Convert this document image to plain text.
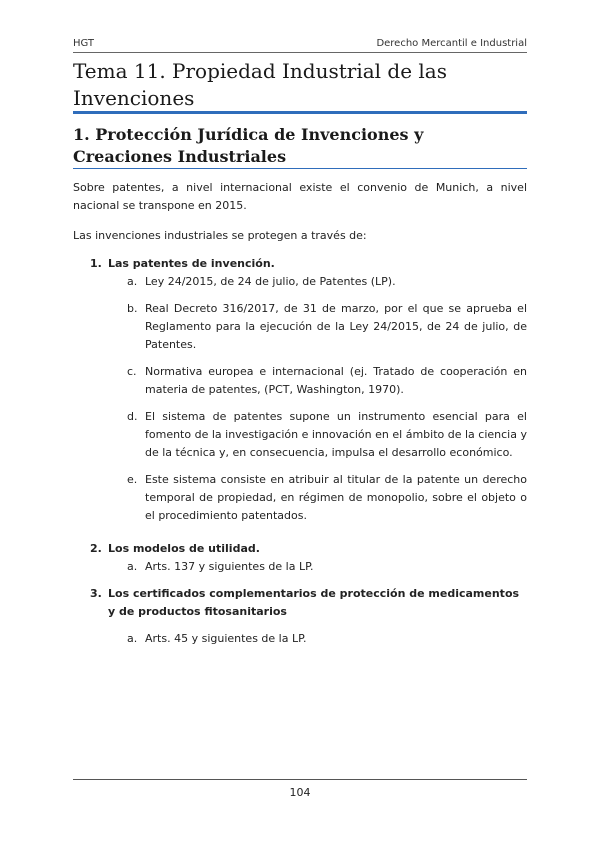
HGT	Derecho Mercantil e Industrial
Tema 11. Propiedad Industrial de las Invenciones
1. Protección Jurídica de Invenciones y Creaciones Industriales

Sobre patentes, a nivel internacional existe el convenio de Munich, a nivel nacional se transpone en 2015.

Las invenciones industriales se protegen a través de:

1. Las patentes de invención.
a. Ley 24/2015, de 24 de julio, de Patentes (LP).
b. Real Decreto 316/2017, de 31 de marzo, por el que se aprueba el Reglamento para la ejecución de la Ley 24/2015, de 24 de julio, de Patentes.
c. Normativa europea e internacional (ej. Tratado de cooperación en materia de patentes, (PCT, Washington, 1970).
d. El sistema de patentes supone un instrumento esencial para el fomento de la investigación e innovación en el ámbito de la ciencia y de la técnica y, en consecuencia, impulsa el desarrollo económico.
e. Este sistema consiste en atribuir al titular de la patente un derecho temporal de propiedad, en régimen de monopolio, sobre el objeto o el procedimiento patentados.
2. Los modelos de utilidad.
a. Arts. 137 y siguientes de la LP.
3. Los certificados complementarios de protección de medicamentos y de productos fitosanitarios
a. Arts. 45 y siguientes de la LP.
104
